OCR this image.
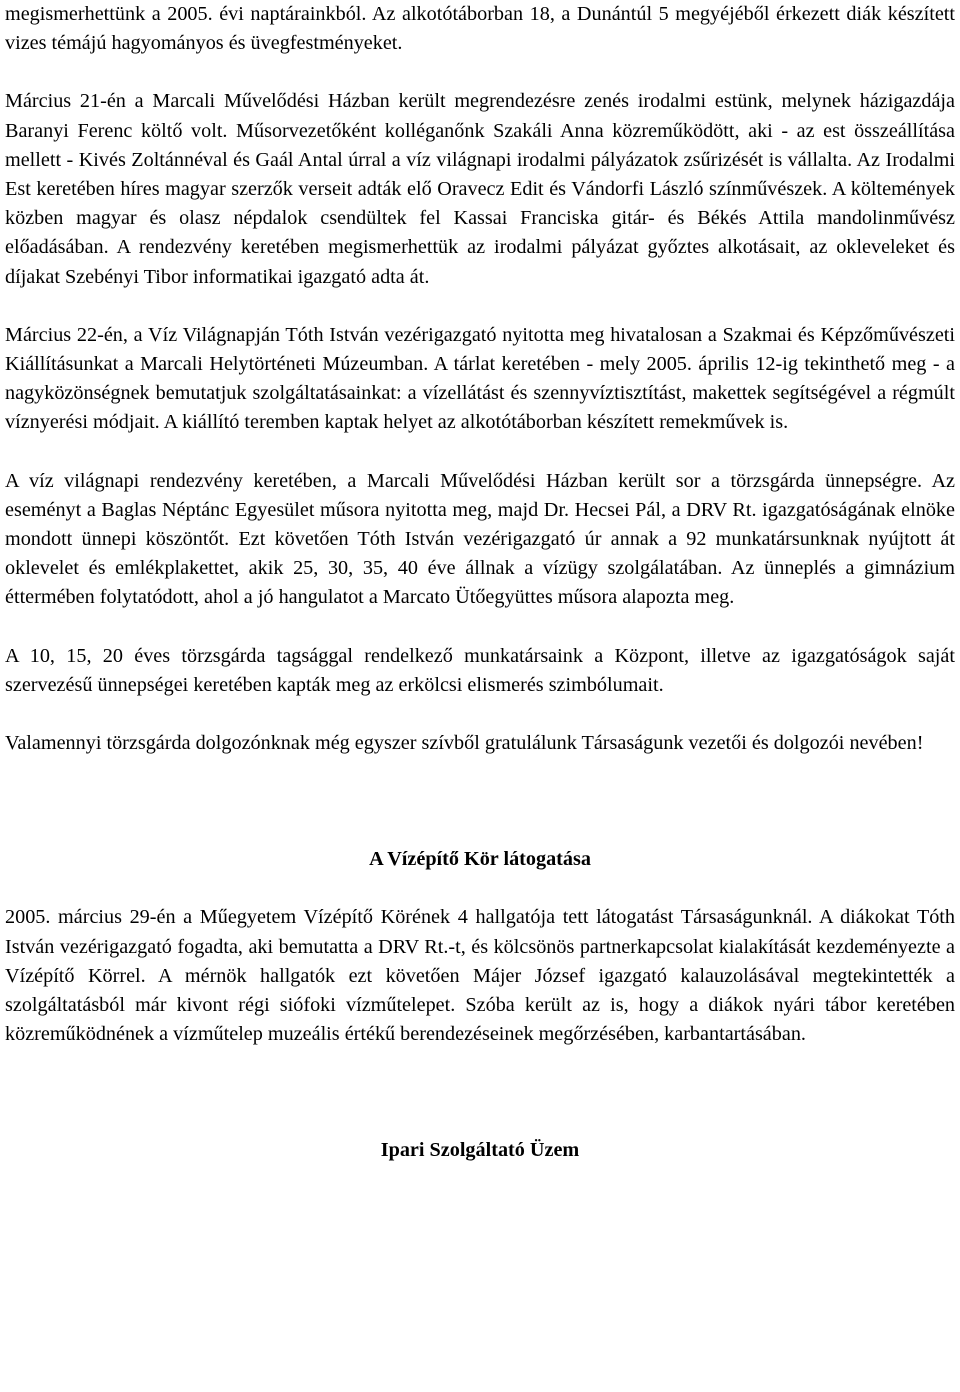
megismerhettünk a 2005. évi naptárainkból. Az alkotótáborban 18, a Dunántúl 5 megyéjéből érkezett diák készített vizes témájú hagyományos és üvegfestményeket.

Március 21-én a Marcali Művelődési Házban került megrendezésre zenés irodalmi estünk, melynek házigazdája Baranyi Ferenc költő volt. Műsorvezetőként kolléganőnk Szakáli Anna közreműködött, aki - az est összeállítása mellett - Kivés Zoltánnéval és Gaál Antal úrral a víz világnapi irodalmi pályázatok zsűrizését is vállalta. Az Irodalmi Est keretében híres magyar szerzők verseit adták elő Oravecz Edit és Vándorfi László színművészek. A költemények közben magyar és olasz népdalok csendültek fel Kassai Franciska gitár- és Békés Attila mandolinművész előadásában. A rendezvény keretében megismerhettük az irodalmi pályázat győztes alkotásait, az okleveleket és díjakat Szebényi Tibor informatikai igazgató adta át.

Március 22-én, a Víz Világnapján Tóth István vezérigazgató nyitotta meg hivatalosan a Szakmai és Képzőművészeti Kiállításunkat a Marcali Helytörténeti Múzeumban. A tárlat keretében - mely 2005. április 12-ig tekinthető meg - a nagyközönségnek bemutatjuk szolgáltatásainkat: a vízellátást és szennyvíztisztítást, makettek segítségével a régmúlt víznyerési módjait. A kiállító teremben kaptak helyet az alkotótáborban készített remekművek is.

A víz világnapi rendezvény keretében, a Marcali Művelődési Házban került sor a törzsgárda ünnepségre. Az eseményt a Baglas Néptánc Egyesület műsora nyitotta meg, majd Dr. Hecsei Pál, a DRV Rt. igazgatóságának elnöke mondott ünnepi köszöntőt. Ezt követően Tóth István vezérigazgató úr annak a 92 munkatársunknak nyújtott át oklevelet és emlékplakettet, akik 25, 30, 35, 40 éve állnak a vízügy szolgálatában. Az ünneplés a gimnázium éttermében folytatódott, ahol a jó hangulatot a Marcato Ütőegyüttes műsora alapozta meg.

A 10, 15, 20 éves törzsgárda tagsággal rendelkező munkatársaink a Központ, illetve az igazgatóságok saját szervezésű ünnepségei keretében kapták meg az erkölcsi elismerés szimbólumait.

Valamennyi törzsgárda dolgozónknak még egyszer szívből gratulálunk Társaságunk vezetői és dolgozói nevében!

A Vízépítő Kör látogatása

2005. március 29-én a Műegyetem Vízépítő Körének 4 hallgatója tett látogatást Társaságunknál. A diákokat Tóth István vezérigazgató fogadta, aki bemutatta a DRV Rt.-t, és kölcsönös partnerkapcsolat kialakítását kezdeményezte a Vízépítő Körrel. A mérnök hallgatók ezt követően Májer József igazgató kalauzolásával megtekintették a szolgáltatásból már kivont régi siófoki vízműtelepet. Szóba került az is, hogy a diákok nyári tábor keretében közreműködnének a vízműtelep muzeális értékű berendezéseinek megőrzésében, karbantartásában.

Ipari Szolgáltató Üzem
